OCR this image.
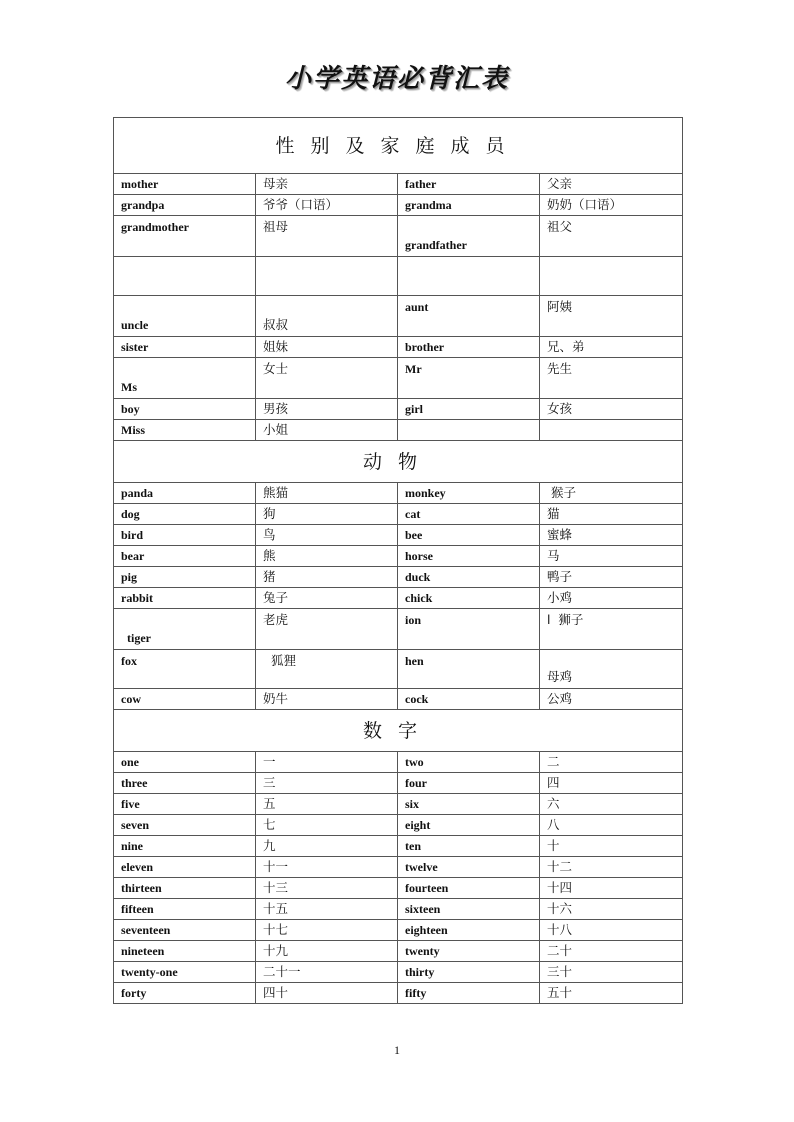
小学英语必背汇表
性别及家庭成员			
mother	母亲	father	父亲
grandpa	爷爷（口语）	grandma	奶奶（口语）
grandmother	祖母	grandfather	祖父

uncle	叔叔	aunt	阿姨
sister	姐妹	brother	兄、弟
Ms	女士	Mr	先生
boy	男孩	girl	女孩
Miss	小姐		
动物			
panda	熊猫	monkey	猴子
dog	狗	cat	猫
bird	鸟	bee	蜜蜂
bear	熊	horse	马
pig	猪	duck	鸭子
rabbit	兔子	chick	小鸡
tiger	老虎	ion	l  狮子
fox	狐狸	hen	母鸡
cow	奶牛	cock	公鸡
数字			
one	一	two	二
three	三	four	四
five	五	six	六
seven	七	eight	八
nine	九	ten	十
eleven	十一	twelve	十二
thirteen	十三	fourteen	十四
fifteen	十五	sixteen	十六
seventeen	十七	eighteen	十八
nineteen	十九	twenty	二十
twenty-one	二十一	thirty	三十
forty	四十	fifty	五十
1
